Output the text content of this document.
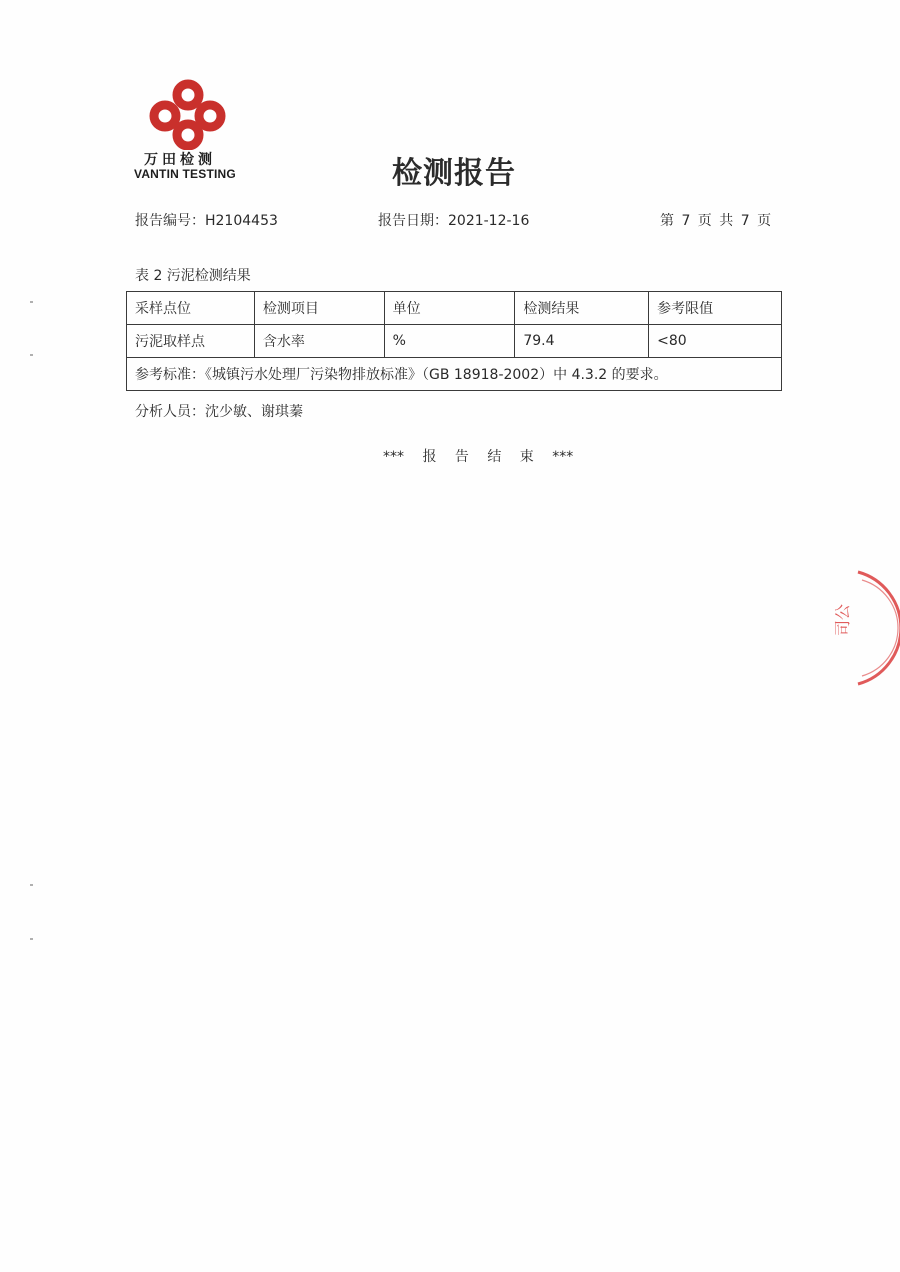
万田检测
VANTIN TESTING	检测报告
报告编号：H2104453	报告日期：2021-12-16	第 7 页 共 7 页
表 2 污泥检测结果
采样点位	检测项目	单位	检测结果	参考限值
污泥取样点	含水率	%	79.4	<80
参考标准：《城镇污水处理厂污染物排放标准》（GB 18918-2002）中 4.3.2 的要求。				
分析人员：沈少敏、谢琪蓁
*** 报 告 结 束 ***
司公
